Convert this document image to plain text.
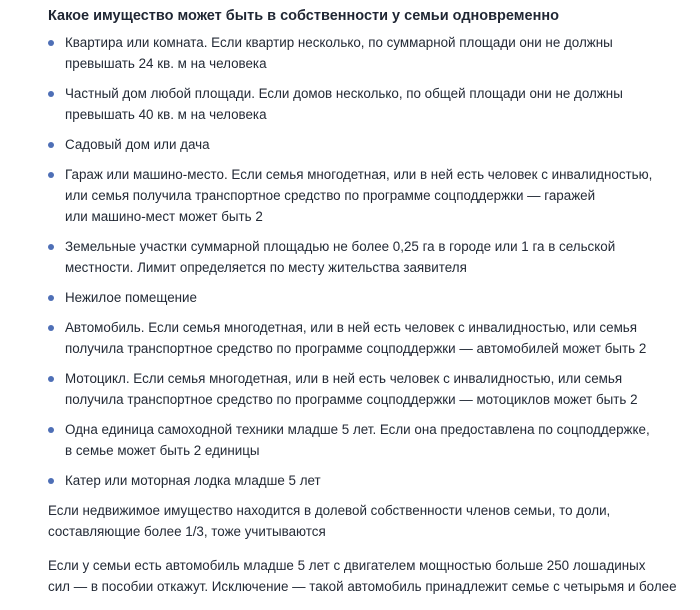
Какое имущество может быть в собственности у семьи одновременно
Квартира или комната. Если квартир несколько, по суммарной площади они не должны
превышать 24 кв. м на человека
Частный дом любой площади. Если домов несколько, по общей площади они не должны
превышать 40 кв. м на человека
Садовый дом или дача
Гараж или машино-место. Если семья многодетная, или в ней есть человек с инвалидностью,
или семья получила транспортное средство по программе соцподдержки — гаражей
или машино-мест может быть 2
Земельные участки суммарной площадью не более 0,25 га в городе или 1 га в сельской
местности. Лимит определяется по месту жительства заявителя
Нежилое помещение
Автомобиль. Если семья многодетная, или в ней есть человек с инвалидностью, или семья
получила транспортное средство по программе соцподдержки — автомобилей может быть 2
Мотоцикл. Если семья многодетная, или в ней есть человек с инвалидностью, или семья
получила транспортное средство по программе соцподдержки — мотоциклов может быть 2
Одна единица самоходной техники младше 5 лет. Если она предоставлена по соцподдержке,
в семье может быть 2 единицы
Катер или моторная лодка младше 5 лет

Если недвижимое имущество находится в долевой собственности членов семьи, то доли,
составляющие более 1/3, тоже учитываются

Если у семьи есть автомобиль младше 5 лет с двигателем мощностью больше 250 лошадиных
сил — в пособии откажут. Исключение — такой автомобиль принадлежит семье с четырьмя и более
